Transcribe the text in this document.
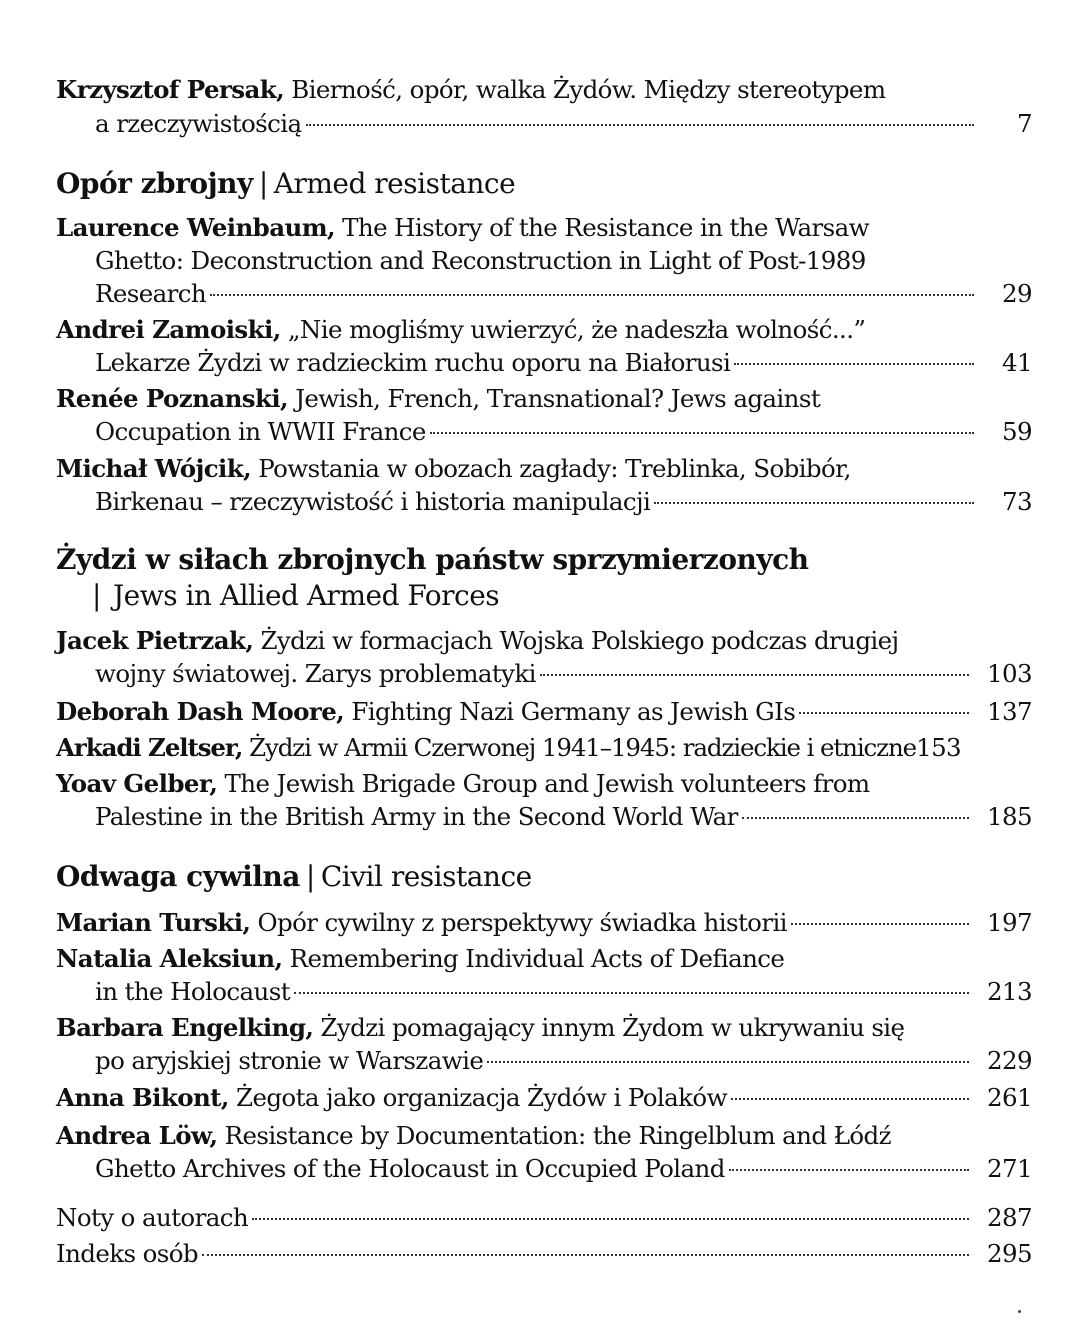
Krzysztof Persak, Bierność, opór, walka Żydów. Między stereotypem
a rzeczywistością	7
Opór zbrojny | Armed resistance
Laurence Weinbaum, The History of the Resistance in the Warsaw
Ghetto: Deconstruction and Reconstruction in Light of Post-1989
Research	29
Andrei Zamoiski, „Nie mogliśmy uwierzyć, że nadeszła wolność...”
Lekarze Żydzi w radzieckim ruchu oporu na Białorusi	41
Renée Poznanski, Jewish, French, Transnational? Jews against
Occupation in WWII France	59
Michał Wójcik, Powstania w obozach zagłady: Treblinka, Sobibór,
Birkenau – rzeczywistość i historia manipulacji	73
Żydzi w siłach zbrojnych państw sprzymierzonych
| Jews in Allied Armed Forces
Jacek Pietrzak, Żydzi w formacjach Wojska Polskiego podczas drugiej
wojny światowej. Zarys problematyki	103
Deborah Dash Moore, Fighting Nazi Germany as Jewish GIs	137
Arkadi Zeltser, Żydzi w Armii Czerwonej 1941–1945: radzieckie i etniczne 153
Yoav Gelber, The Jewish Brigade Group and Jewish volunteers from
Palestine in the British Army in the Second World War	185
Odwaga cywilna | Civil resistance
Marian Turski, Opór cywilny z perspektywy świadka historii	197
Natalia Aleksiun, Remembering Individual Acts of Defiance
in the Holocaust	213
Barbara Engelking, Żydzi pomagający innym Żydom w ukrywaniu się
po aryjskiej stronie w Warszawie	229
Anna Bikont, Żegota jako organizacja Żydów i Polaków	261
Andrea Löw, Resistance by Documentation: the Ringelblum and Łódź
Ghetto Archives of the Holocaust in Occupied Poland	271
Noty o autorach	287
Indeks osób	295
